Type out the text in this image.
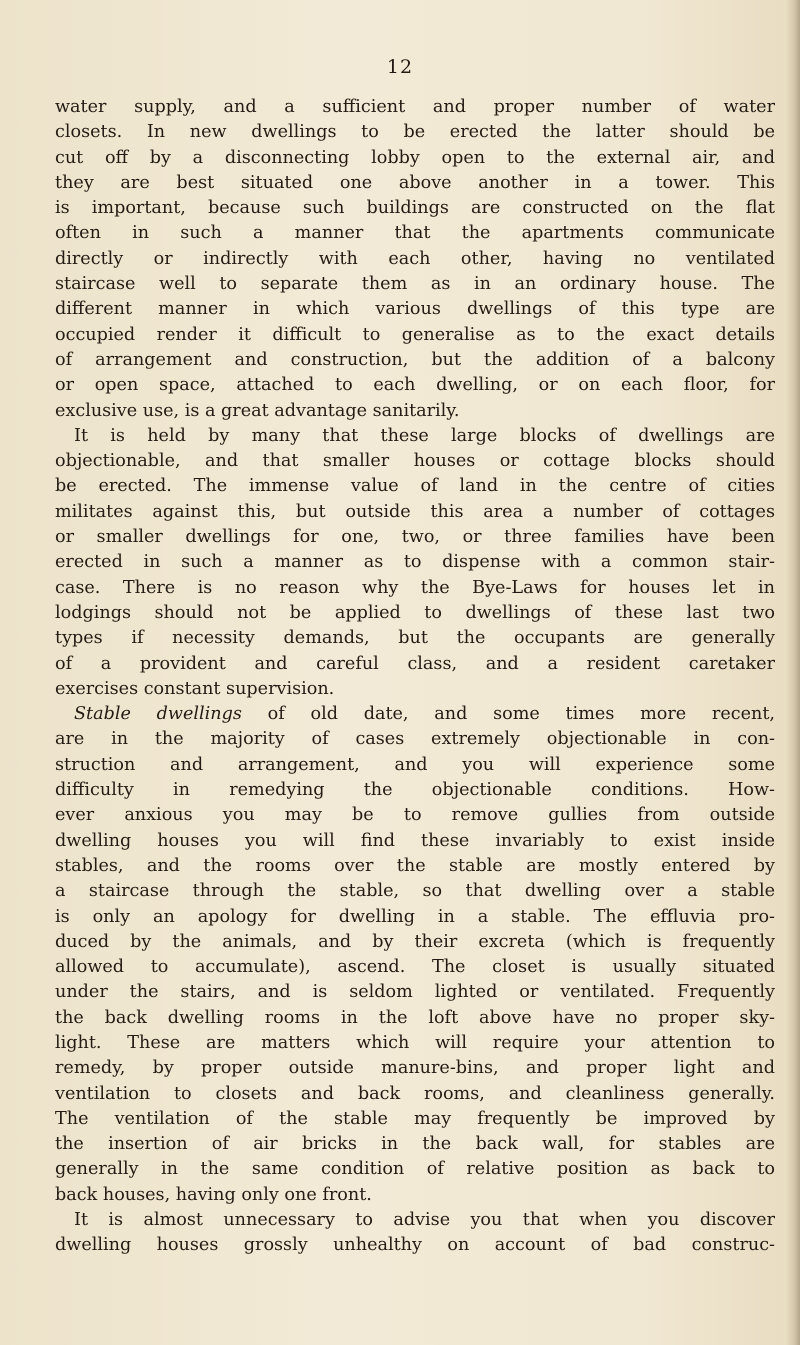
12
water supply, and a sufficient and proper number of water
closets. In new dwellings to be erected the latter should be
cut off by a disconnecting lobby open to the external air, and
they are best situated one above another in a tower. This
is important, because such buildings are constructed on the flat
often in such a manner that the apartments communicate
directly or indirectly with each other, having no ventilated
staircase well to separate them as in an ordinary house. The
different manner in which various dwellings of this type are
occupied render it difficult to generalise as to the exact details
of arrangement and construction, but the addition of a balcony
or open space, attached to each dwelling, or on each floor, for
exclusive use, is a great advantage sanitarily.
It is held by many that these large blocks of dwellings are
objectionable, and that smaller houses or cottage blocks should
be erected. The immense value of land in the centre of cities
militates against this, but outside this area a number of cottages
or smaller dwellings for one, two, or three families have been
erected in such a manner as to dispense with a common stair-
case. There is no reason why the Bye-Laws for houses let in
lodgings should not be applied to dwellings of these last two
types if necessity demands, but the occupants are generally
of a provident and careful class, and a resident caretaker
exercises constant supervision.
Stable dwellings of old date, and some times more recent,
are in the majority of cases extremely objectionable in con-
struction and arrangement, and you will experience some
difficulty in remedying the objectionable conditions. How-
ever anxious you may be to remove gullies from outside
dwelling houses you will find these invariably to exist inside
stables, and the rooms over the stable are mostly entered by
a staircase through the stable, so that dwelling over a stable
is only an apology for dwelling in a stable. The effluvia pro-
duced by the animals, and by their excreta (which is frequently
allowed to accumulate), ascend. The closet is usually situated
under the stairs, and is seldom lighted or ventilated. Frequently
the back dwelling rooms in the loft above have no proper sky-
light. These are matters which will require your attention to
remedy, by proper outside manure-bins, and proper light and
ventilation to closets and back rooms, and cleanliness generally.
The ventilation of the stable may frequently be improved by
the insertion of air bricks in the back wall, for stables are
generally in the same condition of relative position as back to
back houses, having only one front.
It is almost unnecessary to advise you that when you discover
dwelling houses grossly unhealthy on account of bad construc-
